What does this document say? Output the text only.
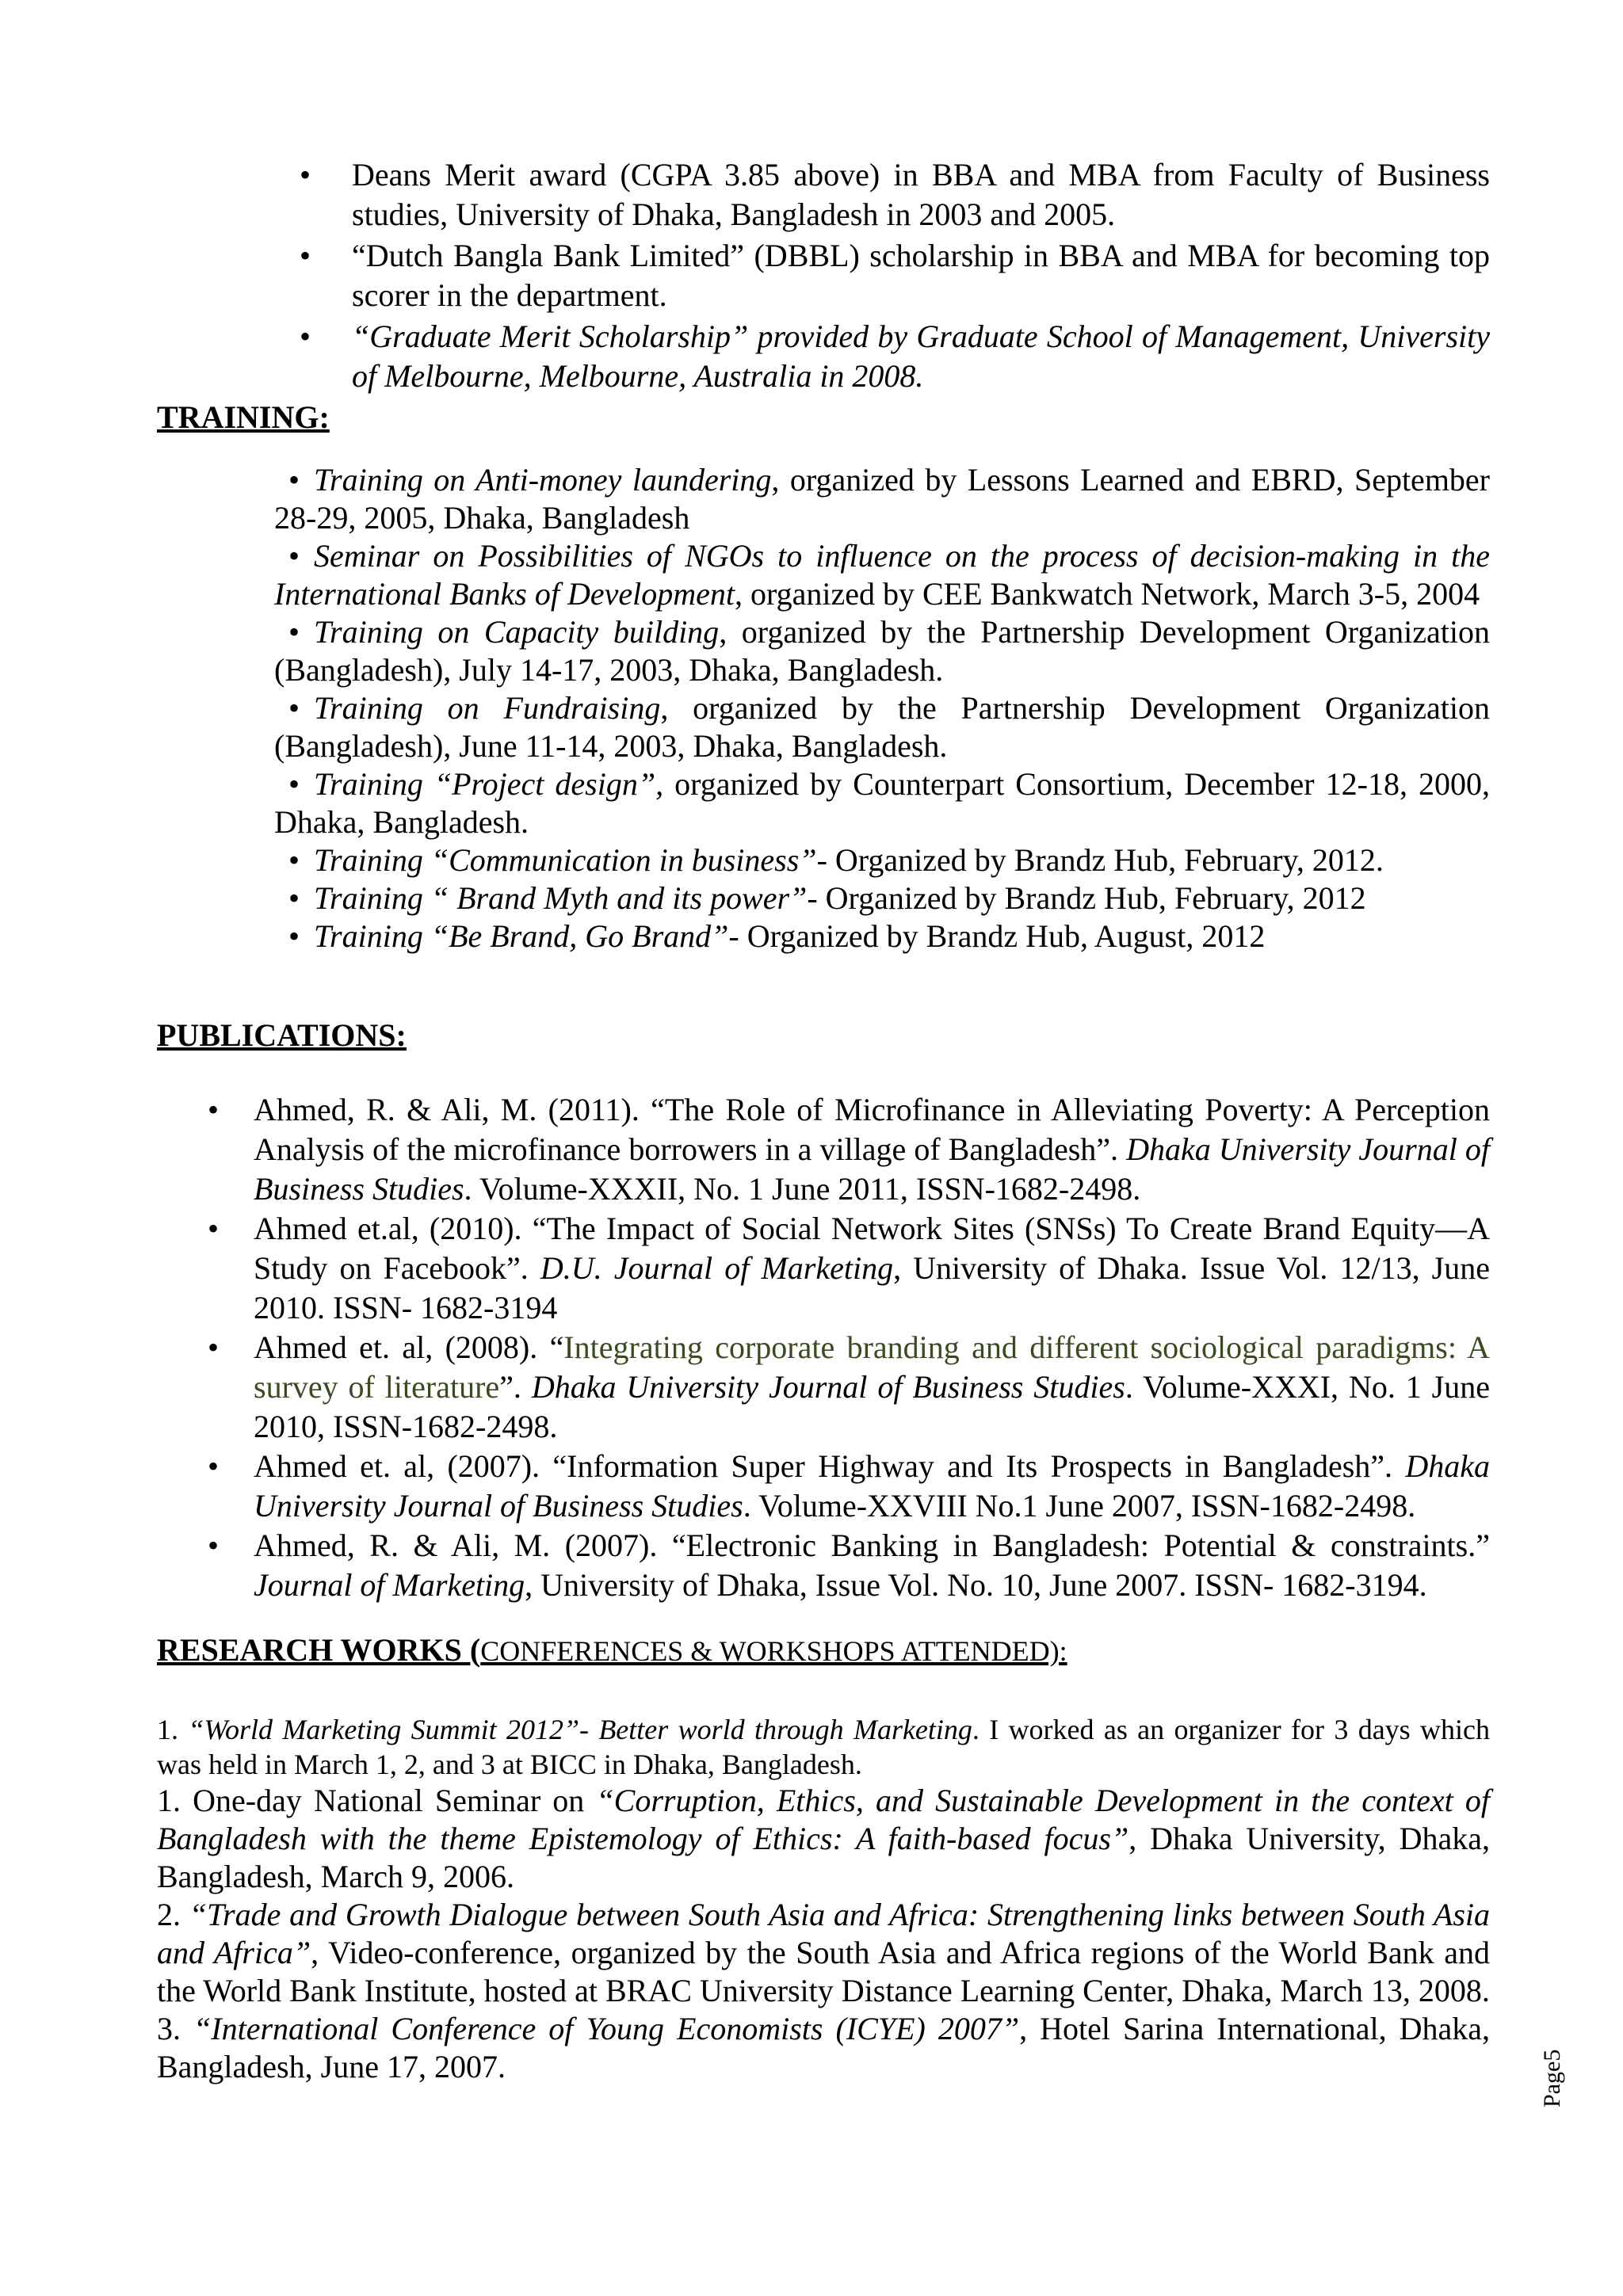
• Deans Merit award (CGPA 3.85 above) in BBA and MBA from Faculty of Business studies, University of Dhaka, Bangladesh in 2003 and 2005.
• “Dutch Bangla Bank Limited” (DBBL) scholarship in BBA and MBA for becoming top scorer in the department.
• “Graduate Merit Scholarship” provided by Graduate School of Management, University of Melbourne, Melbourne, Australia in 2008.

TRAINING:

• Training on Anti-money laundering, organized by Lessons Learned and EBRD, September 28-29, 2005, Dhaka, Bangladesh
• Seminar on Possibilities of NGOs to influence on the process of decision-making in the International Banks of Development, organized by CEE Bankwatch Network, March 3-5, 2004
• Training on Capacity building, organized by the Partnership Development Organization (Bangladesh), July 14-17, 2003, Dhaka, Bangladesh.
• Training on Fundraising, organized by the Partnership Development Organization (Bangladesh), June 11-14, 2003, Dhaka, Bangladesh.
• Training “Project design”, organized by Counterpart Consortium, December 12-18, 2000, Dhaka, Bangladesh.
• Training “Communication in business”- Organized by Brandz Hub, February, 2012.
• Training “ Brand Myth and its power”- Organized by Brandz Hub, February, 2012
• Training “Be Brand, Go Brand”- Organized by Brandz Hub, August, 2012

PUBLICATIONS:

• Ahmed, R. & Ali, M. (2011). “The Role of Microfinance in Alleviating Poverty: A Perception Analysis of the microfinance borrowers in a village of Bangladesh”. Dhaka University Journal of Business Studies. Volume-XXXII, No. 1 June 2011, ISSN-1682-2498.
• Ahmed et.al, (2010). “The Impact of Social Network Sites (SNSs) To Create Brand Equity—A Study on Facebook”. D.U. Journal of Marketing, University of Dhaka. Issue Vol. 12/13, June 2010. ISSN- 1682-3194
• Ahmed et. al, (2008). “Integrating corporate branding and different sociological paradigms: A survey of literature”. Dhaka University Journal of Business Studies. Volume-XXXI, No. 1 June 2010, ISSN-1682-2498.
• Ahmed et. al, (2007). “Information Super Highway and Its Prospects in Bangladesh”. Dhaka University Journal of Business Studies. Volume-XXVIII No.1 June 2007, ISSN-1682-2498.
• Ahmed, R. & Ali, M. (2007). “Electronic Banking in Bangladesh: Potential & constraints.” Journal of Marketing, University of Dhaka, Issue Vol. No. 10, June 2007. ISSN- 1682-3194.

RESEARCH WORKS (CONFERENCES & WORKSHOPS ATTENDED):

1. “World Marketing Summit 2012”- Better world through Marketing. I worked as an organizer for 3 days which was held in March 1, 2, and 3 at BICC in Dhaka, Bangladesh.

1. One-day National Seminar on “Corruption, Ethics, and Sustainable Development in the context of Bangladesh with the theme Epistemology of Ethics: A faith-based focus”, Dhaka University, Dhaka, Bangladesh, March 9, 2006.

2. “Trade and Growth Dialogue between South Asia and Africa: Strengthening links between South Asia and Africa”, Video-conference, organized by the South Asia and Africa regions of the World Bank and the World Bank Institute, hosted at BRAC University Distance Learning Center, Dhaka, March 13, 2008.

3. “International Conference of Young Economists (ICYE) 2007”, Hotel Sarina International, Dhaka, Bangladesh, June 17, 2007.	Page5
